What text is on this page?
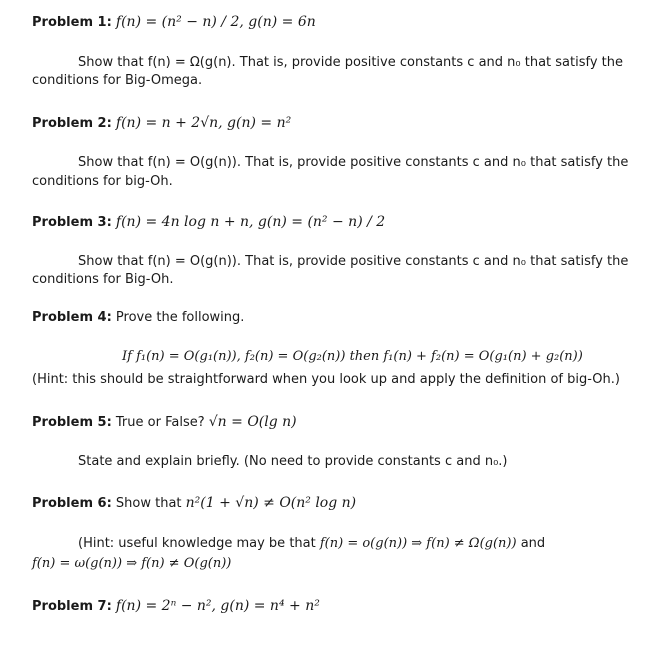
Problem 1: f(n) = (n² − n) / 2, g(n) = 6n
Show that f(n) = Ω(g(n). That is, provide positive constants c and n₀ that satisfy the
conditions for Big-Omega.
Problem 2: f(n) = n + 2√n, g(n) = n²
Show that f(n) = O(g(n)). That is, provide positive constants c and n₀ that satisfy the
conditions for big-Oh.
Problem 3: f(n) = 4n log n + n, g(n) = (n² − n) / 2
Show that f(n) = O(g(n)). That is, provide positive constants c and n₀ that satisfy the
conditions for Big-Oh.
Problem 4: Prove the following.
If f₁(n) = O(g₁(n)), f₂(n) = O(g₂(n)) then f₁(n) + f₂(n) = O(g₁(n) + g₂(n))
(Hint: this should be straightforward when you look up and apply the definition of big-Oh.)
Problem 5: True or False? √n = O(lg n)
State and explain briefly. (No need to provide constants c and n₀.)
Problem 6: Show that n²(1 + √n) ≠ O(n² log n)
(Hint: useful knowledge may be that f(n) = o(g(n)) ⇒ f(n) ≠ Ω(g(n)) and
f(n) = ω(g(n)) ⇒ f(n) ≠ O(g(n))
Problem 7: f(n) = 2ⁿ − n², g(n) = n⁴ + n²
